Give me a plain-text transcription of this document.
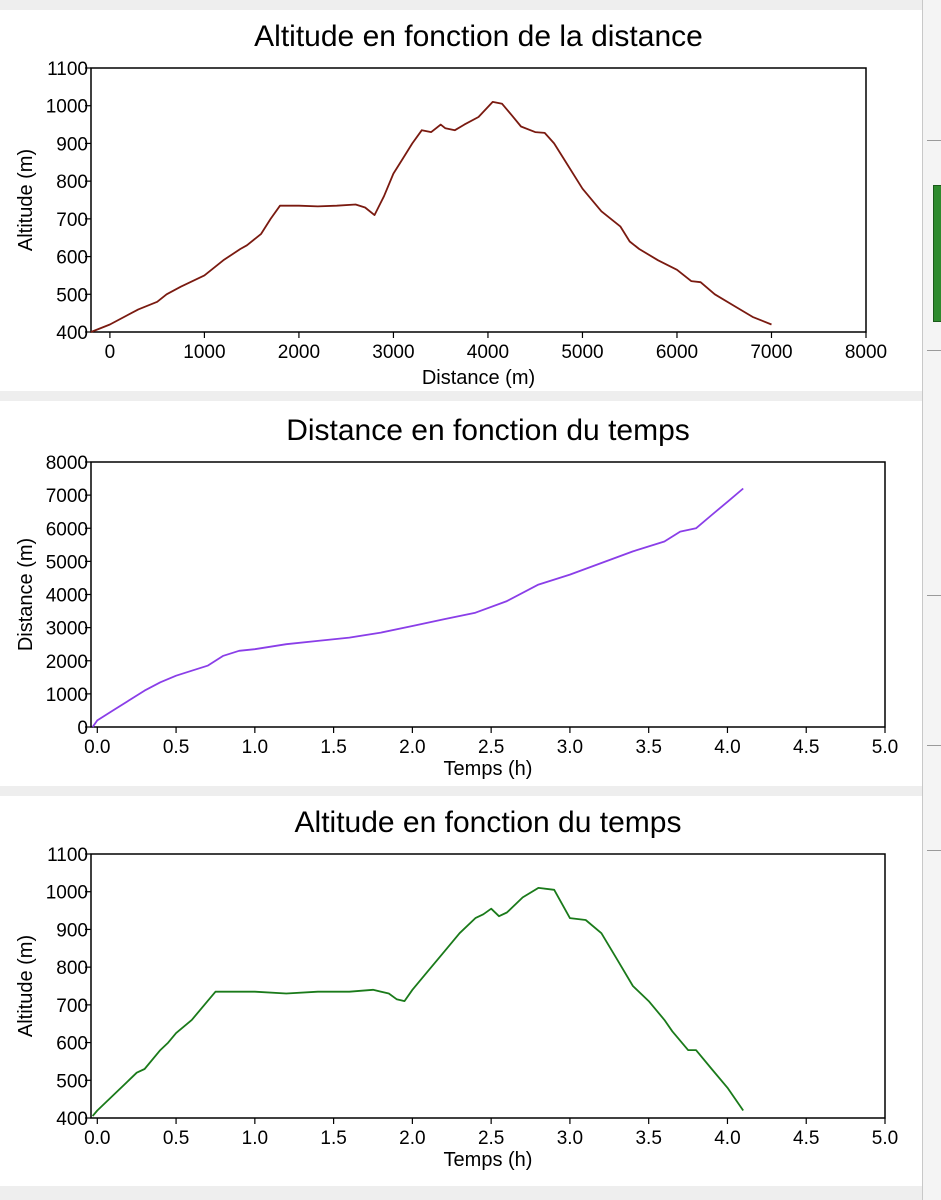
Altitude en fonction de la distance
400
500
600
700
800
900
1000
1100
0	1000	2000	3000	4000	5000	6000	7000	8000
Distance (m)
Altitude (m)
Distance en fonction du temps
0
1000
2000
3000
4000
5000
6000
7000
8000
0.0	0.5	1.0	1.5	2.0	2.5	3.0	3.5	4.0	4.5	5.0
Temps (h)
Distance (m)
Altitude en fonction du temps
400
500
600
700
800
900
1000
1100
0.0	0.5	1.0	1.5	2.0	2.5	3.0	3.5	4.0	4.5	5.0
Temps (h)
Altitude (m)
